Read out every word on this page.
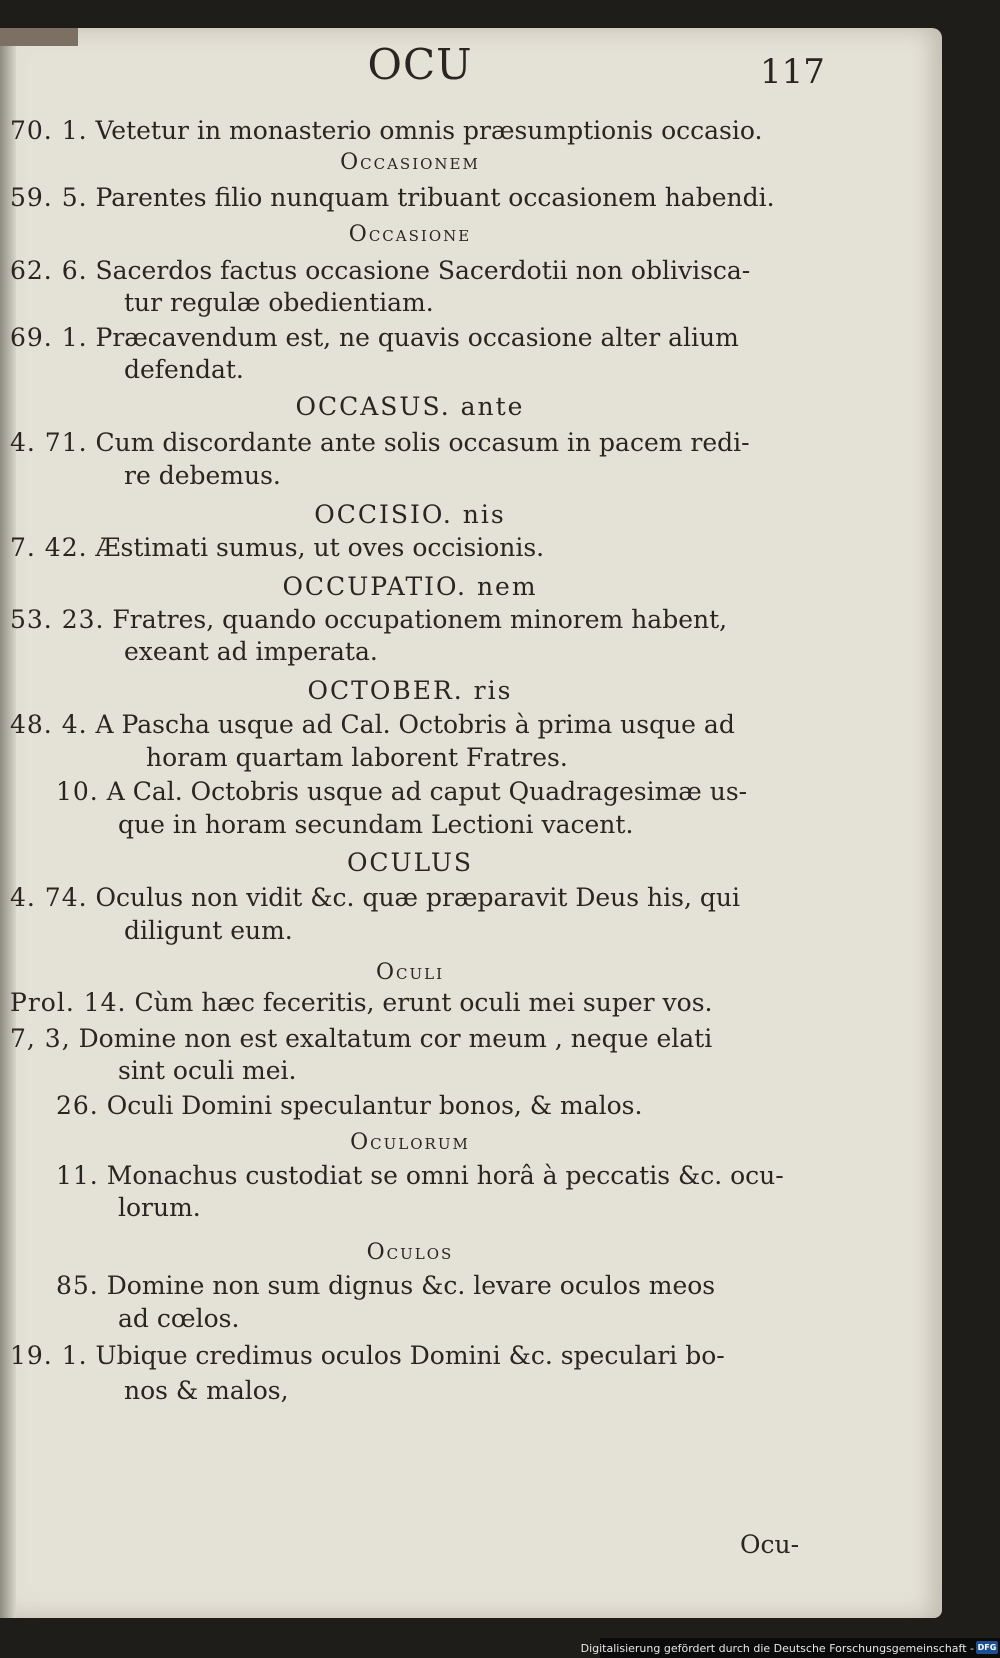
OCU	117
70. 1. Vetetur in monasterio omnis præsumptionis occasio.
Occasionem
59. 5. Parentes filio nunquam tribuant occasionem habendi.
Occasione
62. 6. Sacerdos factus occasione Sacerdotii non oblivisca-
tur regulæ obedientiam.
69. 1. Præcavendum est, ne quavis occasione alter alium
defendat.
OCCASUS. ante
4. 71. Cum discordante ante solis occasum in pacem redi-
re debemus.
OCCISIO. nis
7. 42. Æstimati sumus, ut oves occisionis.
OCCUPATIO. nem
53. 23. Fratres, quando occupationem minorem habent,
exeant ad imperata.
OCTOBER. ris
48. 4. A Pascha usque ad Cal. Octobris à prima usque ad
horam quartam laborent Fratres.
10. A Cal. Octobris usque ad caput Quadragesimæ us-
que in horam secundam Lectioni vacent.
OCULUS
4. 74. Oculus non vidit &c. quæ præparavit Deus his, qui
diligunt eum.
Oculi
Prol. 14. Cùm hæc feceritis, erunt oculi mei super vos.
7, 3, Domine non est exaltatum cor meum , neque elati
sint oculi mei.
26. Oculi Domini speculantur bonos, & malos.
Oculorum
11. Monachus custodiat se omni horâ à peccatis &c. ocu-
lorum.
Oculos
85. Domine non sum dignus &c. levare oculos meos
ad cœlos.
19. 1. Ubique credimus oculos Domini &c. speculari bo-
nos & malos,
Ocu-
Digitalisierung gefördert durch die Deutsche Forschungsgemeinschaft - DFG
